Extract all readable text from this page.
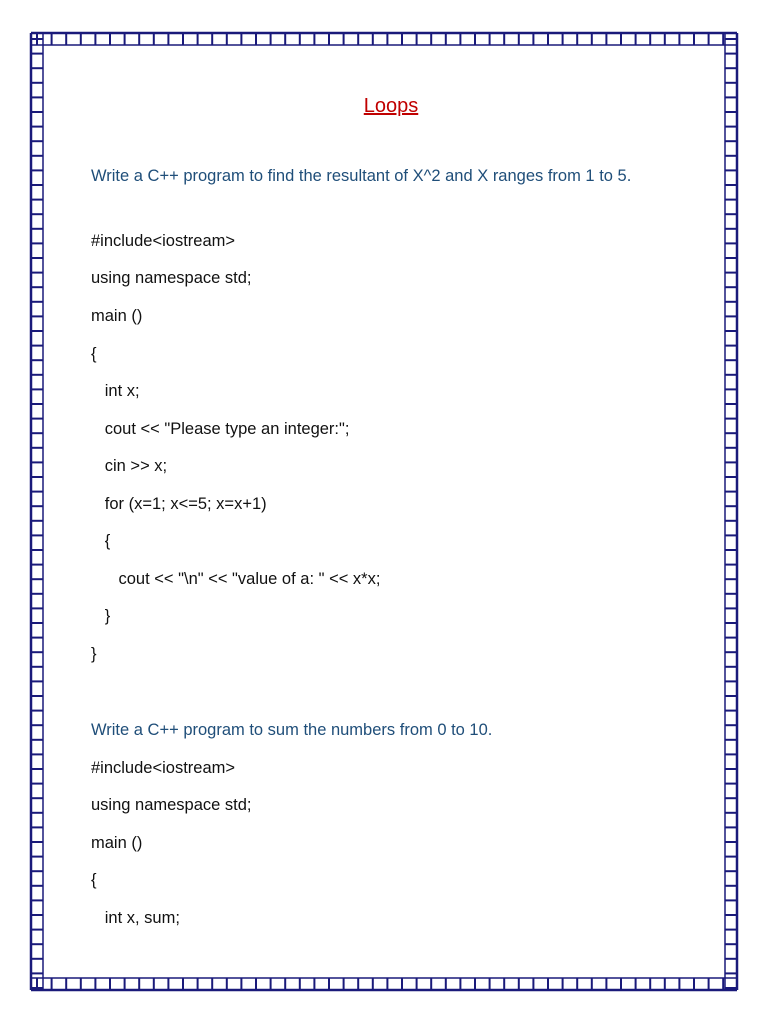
Loops
Write a C++ program to find the resultant of X^2 and X ranges from 1 to 5.
#include<iostream>
using namespace std;
main ()
{
int x;
cout << "Please type an integer:";
cin >> x;
for (x=1; x<=5; x=x+1)
{
cout << "\n" << "value of a: " << x*x;
}
}
Write a C++ program to sum the numbers from 0 to 10.
#include<iostream>
using namespace std;
main ()
{
int x, sum;
